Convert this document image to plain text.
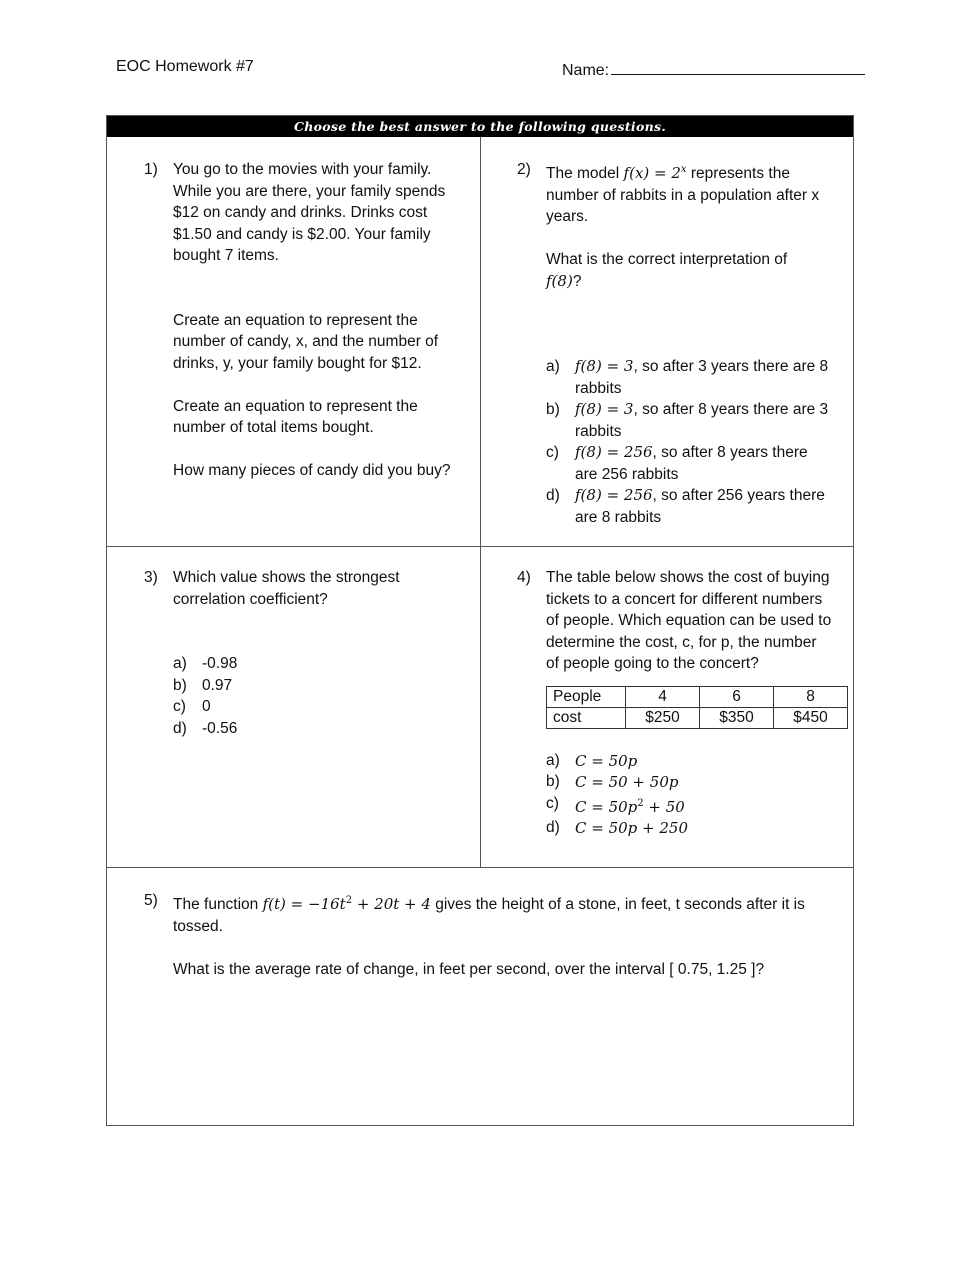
EOC Homework #7	Name:
Choose the best answer to the following questions.
1) You go to the movies with your family.

While you are there, your family spends

$12 on candy and drinks. Drinks cost

$1.50 and candy is $2.00. Your family

bought 7 items.

Create an equation to represent the

number of candy, x, and the number of

drinks, y, your family bought for $12.

Create an equation to represent the

number of total items bought.

How many pieces of candy did you buy?

2) The model $f(x) = 2^x$ represents the

number of rabbits in a population after x

years.

What is the correct interpretation of

f(8)?

a) f(8) = 3, so after 3 years there are 8
rabbits
b) f(8) = 3, so after 8 years there are 3
rabbits
c) f(8) = 256, so after 8 years there
are 256 rabbits
d) f(8) = 256, so after 256 years there
are 8 rabbits
3) Which value shows the strongest

correlation coefficient?

a) -0.98
b) 0.97
c) 0
d) -0.56
4) The table below shows the cost of buying

tickets to a concert for different numbers

of people. Which equation can be used to

determine the cost, c, for p, the number

of people going to the concert?

People	4	6	8
cost	$250	$350	$450
a) C = 50p
b) C = 50 + 50p
c) $C = 50p^2 + 50$
d) C = 50p + 250
5) The function $f(t) = -16t^2 + 20t + 4$ gives the height of a stone, in feet, t seconds after it is

tossed.

What is the average rate of change, in feet per second, over the interval [ 0.75, 1.25 ]?
